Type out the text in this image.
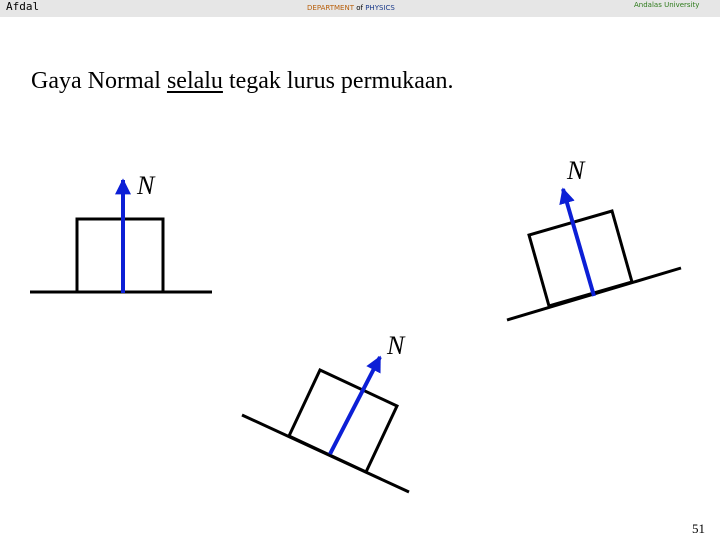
Afdal	DEPARTMENT of PHYSICS	Andalas University
Gaya Normal selalu tegak lurus permukaan.
N
N
N
51
